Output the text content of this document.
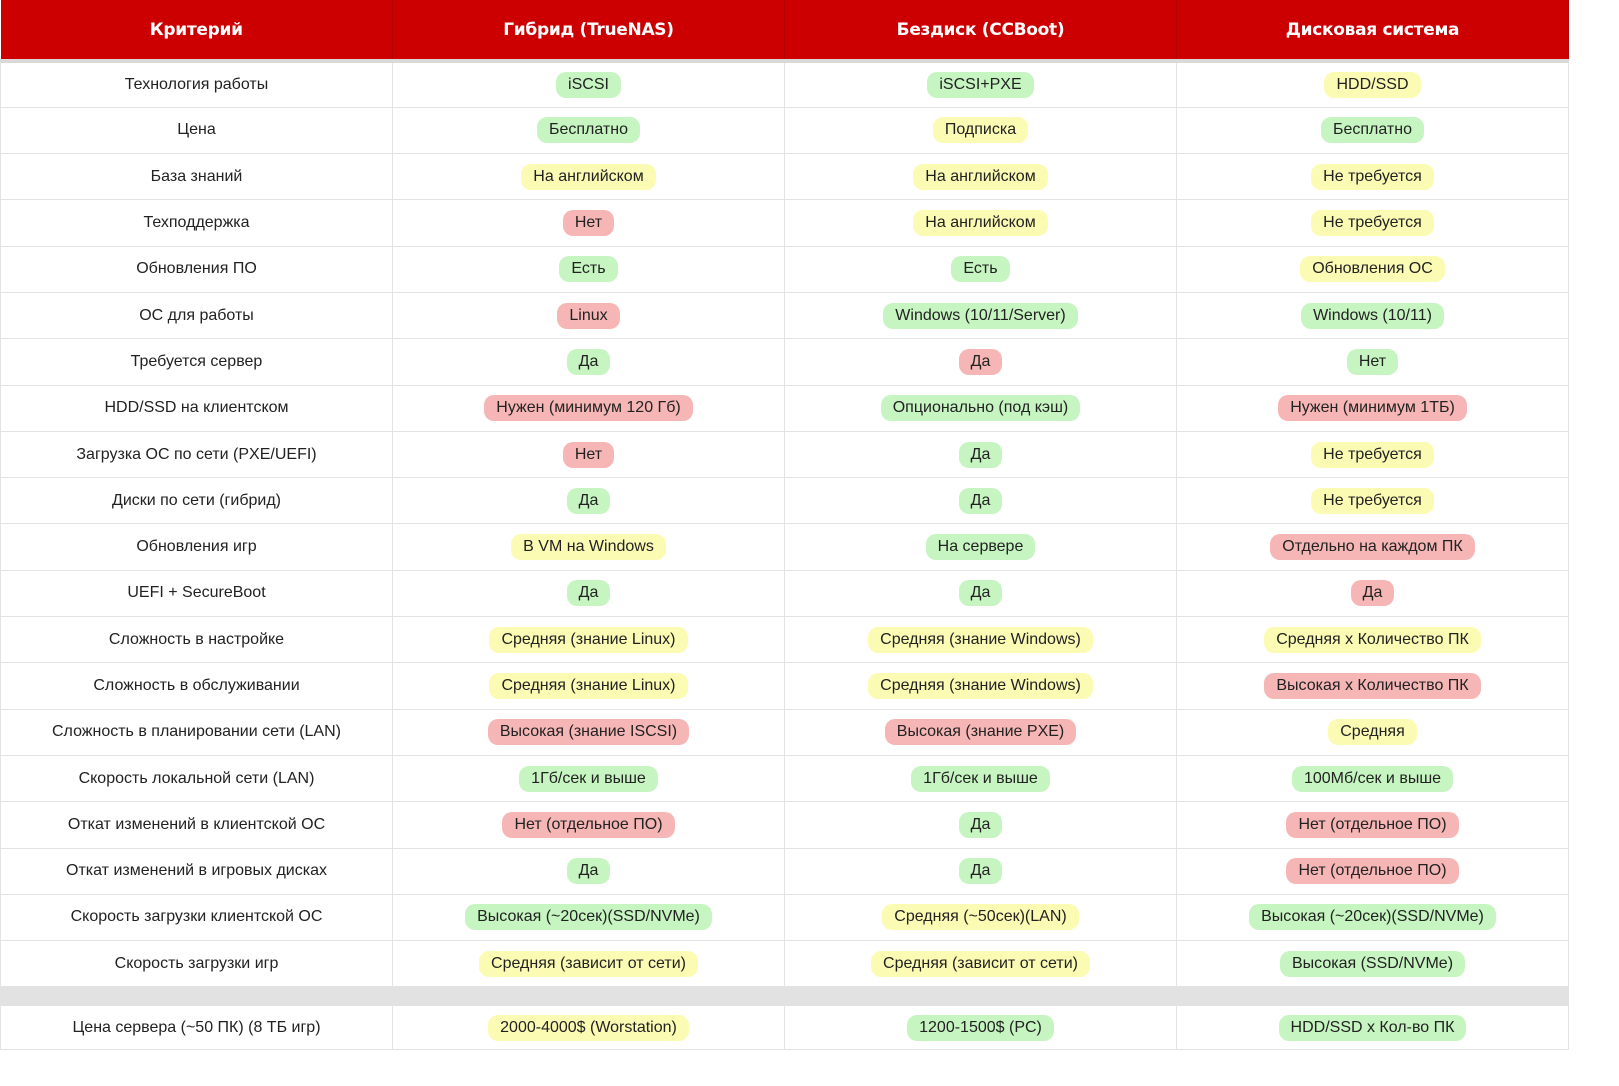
Критерий	Гибрид (TrueNAS)	Бездиск (CCBoot)	Дисковая система
Технология работы	iSCSI	iSCSI+PXE	HDD/SSD
Цена	Бесплатно	Подписка	Бесплатно
База знаний	На английском	На английском	Не требуется
Техподдержка	Нет	На английском	Не требуется
Обновления ПО	Есть	Есть	Обновления ОС
ОС для работы	Linux	Windows (10/11/Server)	Windows (10/11)
Требуется сервер	Да	Да	Нет
HDD/SSD на клиентском	Нужен (минимум 120 Гб)	Опционально (под кэш)	Нужен (минимум 1ТБ)
Загрузка ОС по сети (PXE/UEFI)	Нет	Да	Не требуется
Диски по сети (гибрид)	Да	Да	Не требуется
Обновления игр	В VM на Windows	На сервере	Отдельно на каждом ПК
UEFI + SecureBoot	Да	Да	Да
Сложность в настройке	Средняя (знание Linux)	Средняя (знание Windows)	Средняя x Количество ПК
Сложность в обслуживании	Средняя (знание Linux)	Средняя (знание Windows)	Высокая x Количество ПК
Сложность в планировании сети (LAN)	Высокая (знание ISCSI)	Высокая (знание PXE)	Средняя
Скорость локальной сети (LAN)	1Гб/сек и выше	1Гб/сек и выше	100Мб/сек и выше
Откат изменений в клиентской ОС	Нет (отдельное ПО)	Да	Нет (отдельное ПО)
Откат изменений в игровых дисках	Да	Да	Нет (отдельное ПО)
Скорость загрузки клиентской ОС	Высокая (~20сек)(SSD/NVMe)	Средняя (~50сек)(LAN)	Высокая (~20сек)(SSD/NVMe)
Скорость загрузки игр	Средняя (зависит от сети)	Средняя (зависит от сети)	Высокая (SSD/NVMe)

Цена сервера (~50 ПК) (8 ТБ игр)	2000-4000$ (Worstation)	1200-1500$ (PC)	HDD/SSD x Кол-во ПК
